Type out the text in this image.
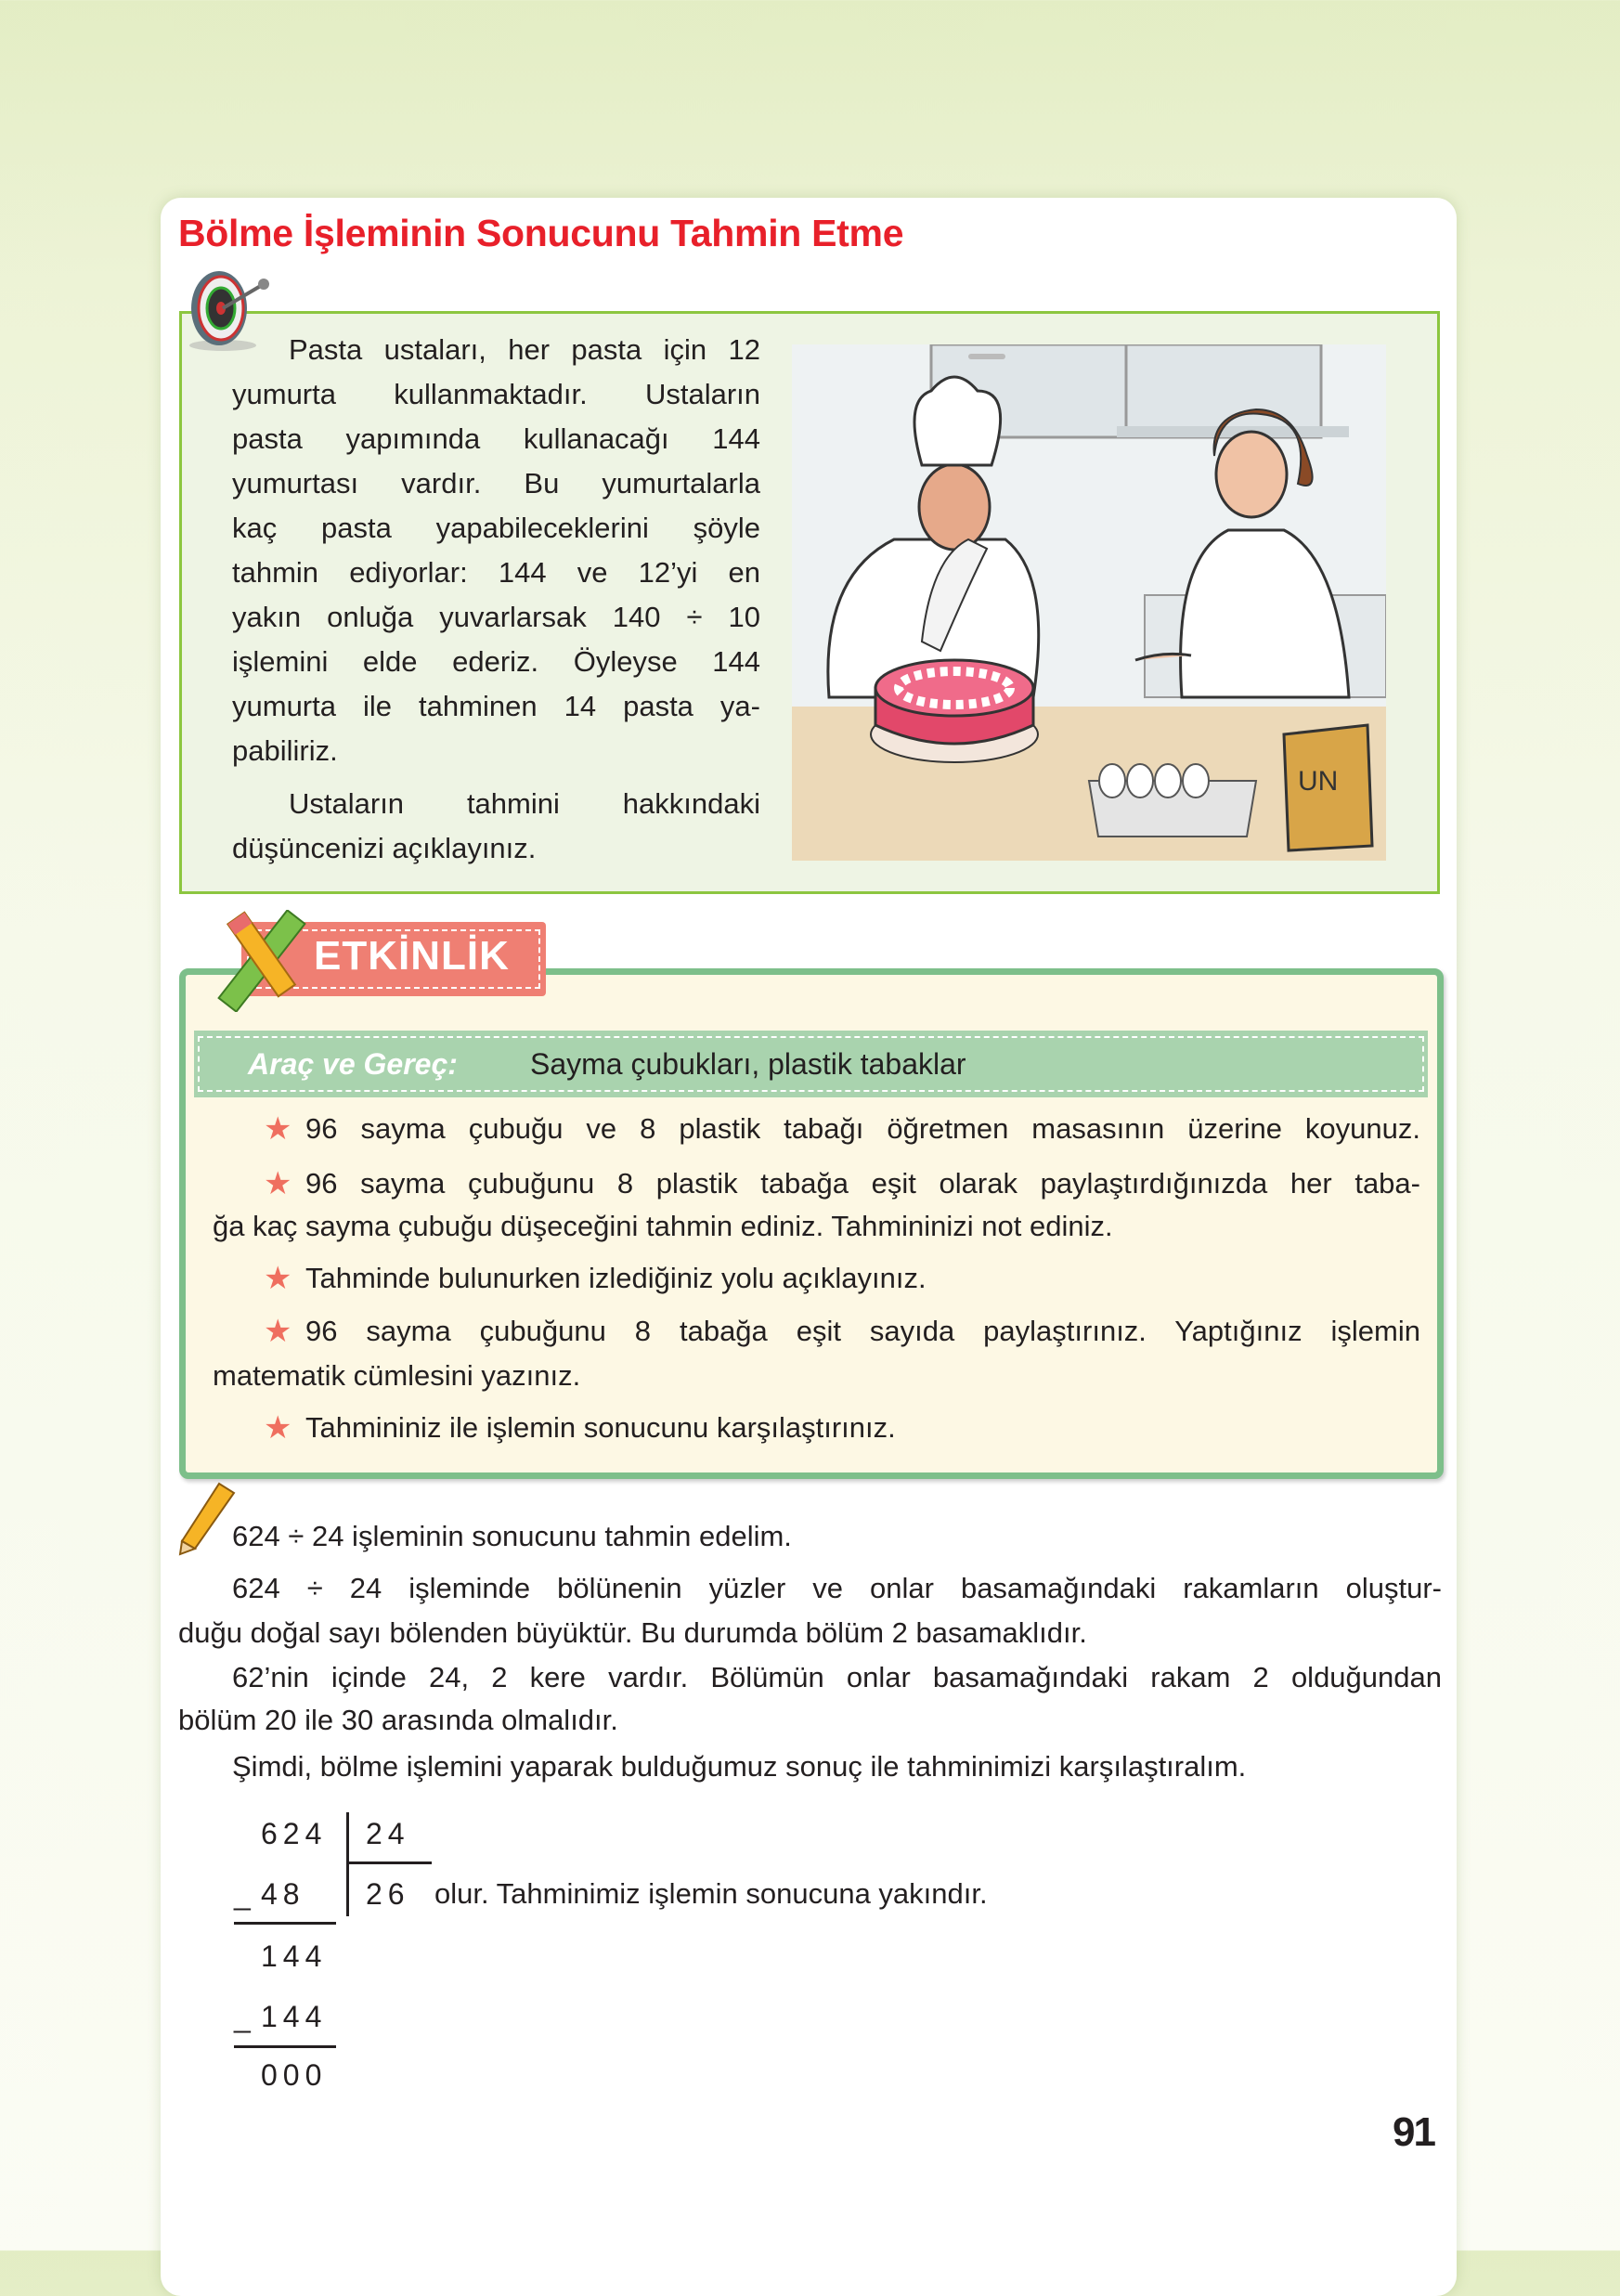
Bölme İşleminin Sonucunu Tahmin Etme
Pasta ustaları, her pasta için 12
yumurta kullanmaktadır. Ustaların
pasta yapımında kullanacağı 144
yumurtası vardır. Bu yumurtalarla
kaç pasta yapabileceklerini şöyle
tahmin ediyorlar: 144 ve 12’yi en
yakın onluğa yuvarlarsak 140 ÷ 10
işlemini elde ederiz. Öyleyse 144
yumurta ile tahminen 14 pasta ya-
pabiliriz.
Ustaların tahmini hakkındaki
düşüncenizi açıklayınız.
UN
ETKİNLİK
Araç ve Gereç: Sayma çubukları, plastik tabaklar
★ 96 sayma çubuğu ve 8 plastik tabağı öğretmen masasının üzerine koyunuz.
★ 96 sayma çubuğunu 8 plastik tabağa eşit olarak paylaştırdığınızda her taba-
ğa kaç sayma çubuğu düşeceğini tahmin ediniz. Tahmininizi not ediniz.
★ Tahminde bulunurken izlediğiniz yolu açıklayınız.
★ 96 sayma çubuğunu 8 tabağa eşit sayıda paylaştırınız. Yaptığınız işlemin
matematik cümlesini yazınız.
★ Tahmininiz ile işlemin sonucunu karşılaştırınız.
624 ÷ 24 işleminin sonucunu tahmin edelim.
624 ÷ 24 işleminde bölünenin yüzler ve onlar basamağındaki rakamların oluştur-
duğu doğal sayı bölenden büyüktür. Bu durumda bölüm 2 basamaklıdır.
62’nin içinde 24, 2 kere vardır. Bölümün onlar basamağındaki rakam 2 olduğundan
bölüm 20 ile 30 arasında olmalıdır.
Şimdi, bölme işlemini yaparak bulduğumuz sonuç ile tahminimizi karşılaştıralım.
624 24
_ 48 26 olur. Tahminimiz işlemin sonucuna yakındır.
144
_ 144
000
91
